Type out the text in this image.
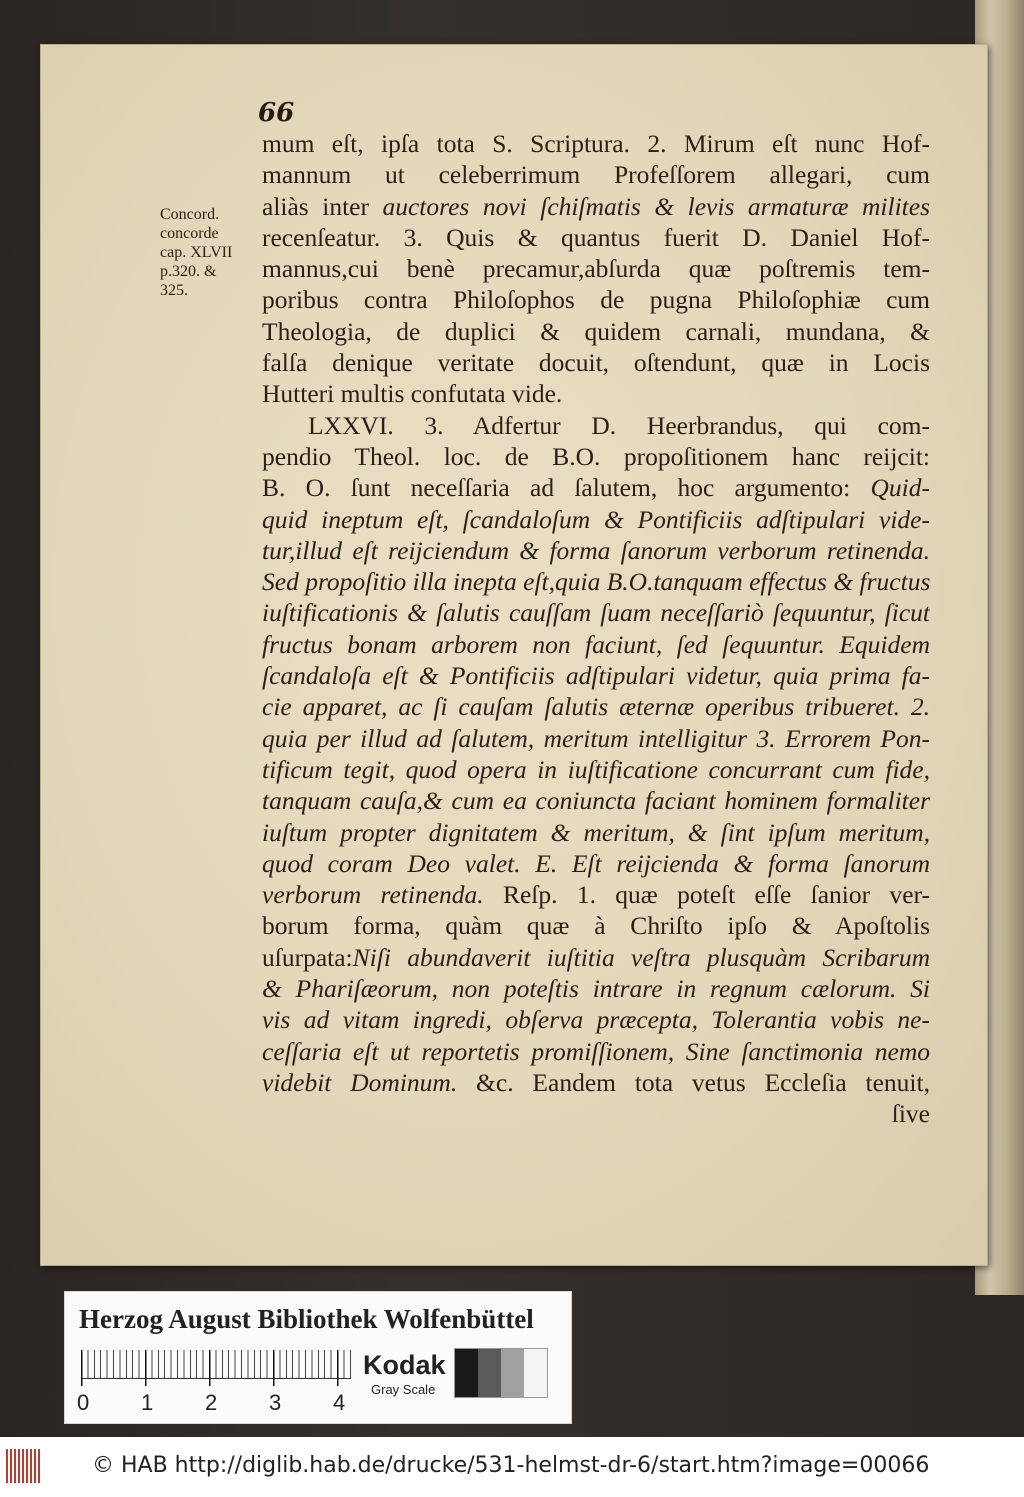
66
Concord.
concorde
cap. XLVII
p.320. &
325.
mum eſt, ipſa tota S. Scriptura. 2. Mirum eſt nunc Hof-
mannum ut celeberrimum Profeſſorem allegari, cum
aliàs inter auctores novi ſchiſmatis & levis armaturæ milites
recenſeatur. 3. Quis & quantus fuerit D. Daniel Hof-
mannus,cui benè precamur,abſurda quæ poſtremis tem-
poribus contra Philoſophos de pugna Philoſophiæ cum
Theologia, de duplici & quidem carnali, mundana, &
falſa denique veritate docuit, oſtendunt, quæ in Locis
Hutteri multis confutata vide.
LXXVI. 3. Adfertur D. Heerbrandus, qui com-
pendio Theol. loc. de B.O. propoſitionem hanc reijcit:
B. O. ſunt neceſſaria ad ſalutem, hoc argumento: Quid-
quid ineptum eſt, ſcandaloſum & Pontificiis adſtipulari vide-
tur,illud eſt reijciendum & forma ſanorum verborum retinenda.
Sed propoſitio illa inepta eſt,quia B.O.tanquam effectus & fructus
iuſtificationis & ſalutis cauſſam ſuam neceſſariò ſequuntur, ſicut
fructus bonam arborem non faciunt, ſed ſequuntur. Equidem
ſcandaloſa eſt & Pontificiis adſtipulari videtur, quia prima fa-
cie apparet, ac ſi cauſam ſalutis æternæ operibus tribueret. 2.
quia per illud ad ſalutem, meritum intelligitur 3. Errorem Pon-
tificum tegit, quod opera in iuſtificatione concurrant cum fide,
tanquam cauſa,& cum ea coniuncta faciant hominem formaliter
iuſtum propter dignitatem & meritum, & ſint ipſum meritum,
quod coram Deo valet. E. Eſt reijcienda & forma ſanorum
verborum retinenda. Reſp. 1. quæ poteſt eſſe ſanior ver-
borum forma, quàm quæ à Chriſto ipſo & Apoſtolis
uſurpata:Niſi abundaverit iuſtitia veſtra plusquàm Scribarum
& Phariſæorum, non poteſtis intrare in regnum cælorum. Si
vis ad vitam ingredi, obſerva præcepta, Tolerantia vobis ne-
ceſſaria eſt ut reportetis promiſſionem, Sine ſanctimonia nemo
videbit Dominum. &c. Eandem tota vetus Eccleſia tenuit,
ſive
Herzog August Bibliothek Wolfenbüttel
0 1 2 3 4
Kodak
Gray Scale
© HAB http://diglib.hab.de/drucke/531-helmst-dr-6/start.htm?image=00066
